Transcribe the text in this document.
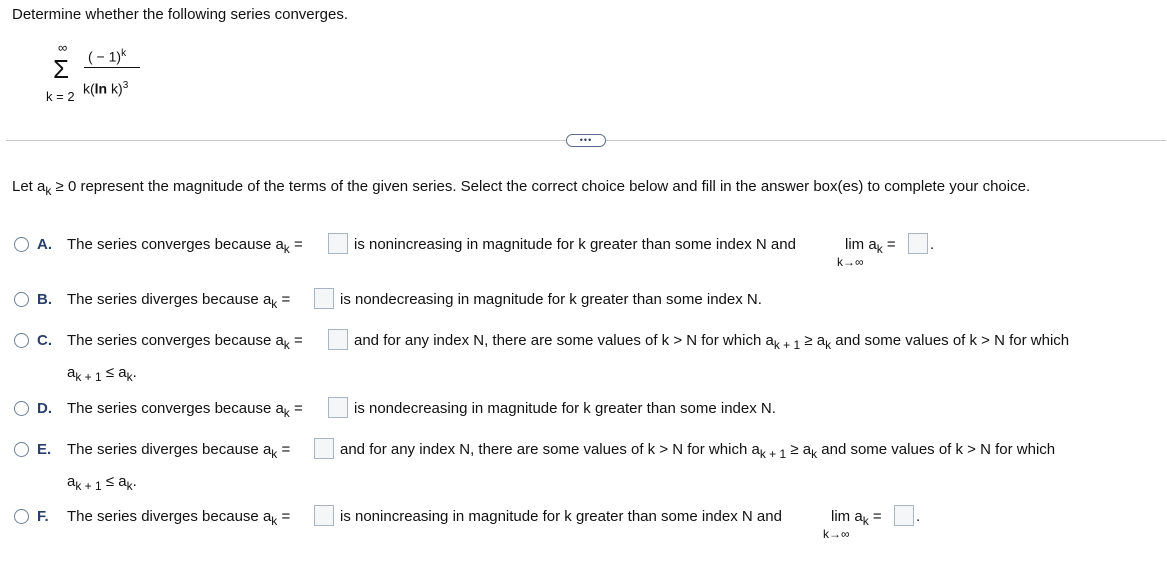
Determine whether the following series converges.
∞
Σ
k = 2
( − 1)$^k$
k(ln k)$^3$
•••
Let $a_k \ge 0$ represent the magnitude of the terms of the given series. Select the correct choice below and fill in the answer box(es) to complete your choice.
A. The series converges because $a_k$ =	is nonincreasing in magnitude for k greater than some index N and	$\lim a_k$ =
k→∞
.
B. The series diverges because $a_k$ =	is nondecreasing in magnitude for k greater than some index N.
C. The series converges because $a_k$ =	and for any index N, there are some values of k > N for which $a_{k + 1} \ge a_k$ and some values of k > N for which
$a_{k + 1} \le a_k$.
D. The series converges because $a_k$ =	is nondecreasing in magnitude for k greater than some index N.
E. The series diverges because $a_k$ =	and for any index N, there are some values of k > N for which $a_{k + 1} \ge a_k$ and some values of k > N for which
$a_{k + 1} \le a_k$.
F. The series diverges because $a_k$ =	is nonincreasing in magnitude for k greater than some index N and	$\lim a_k$ =
k→∞
.
